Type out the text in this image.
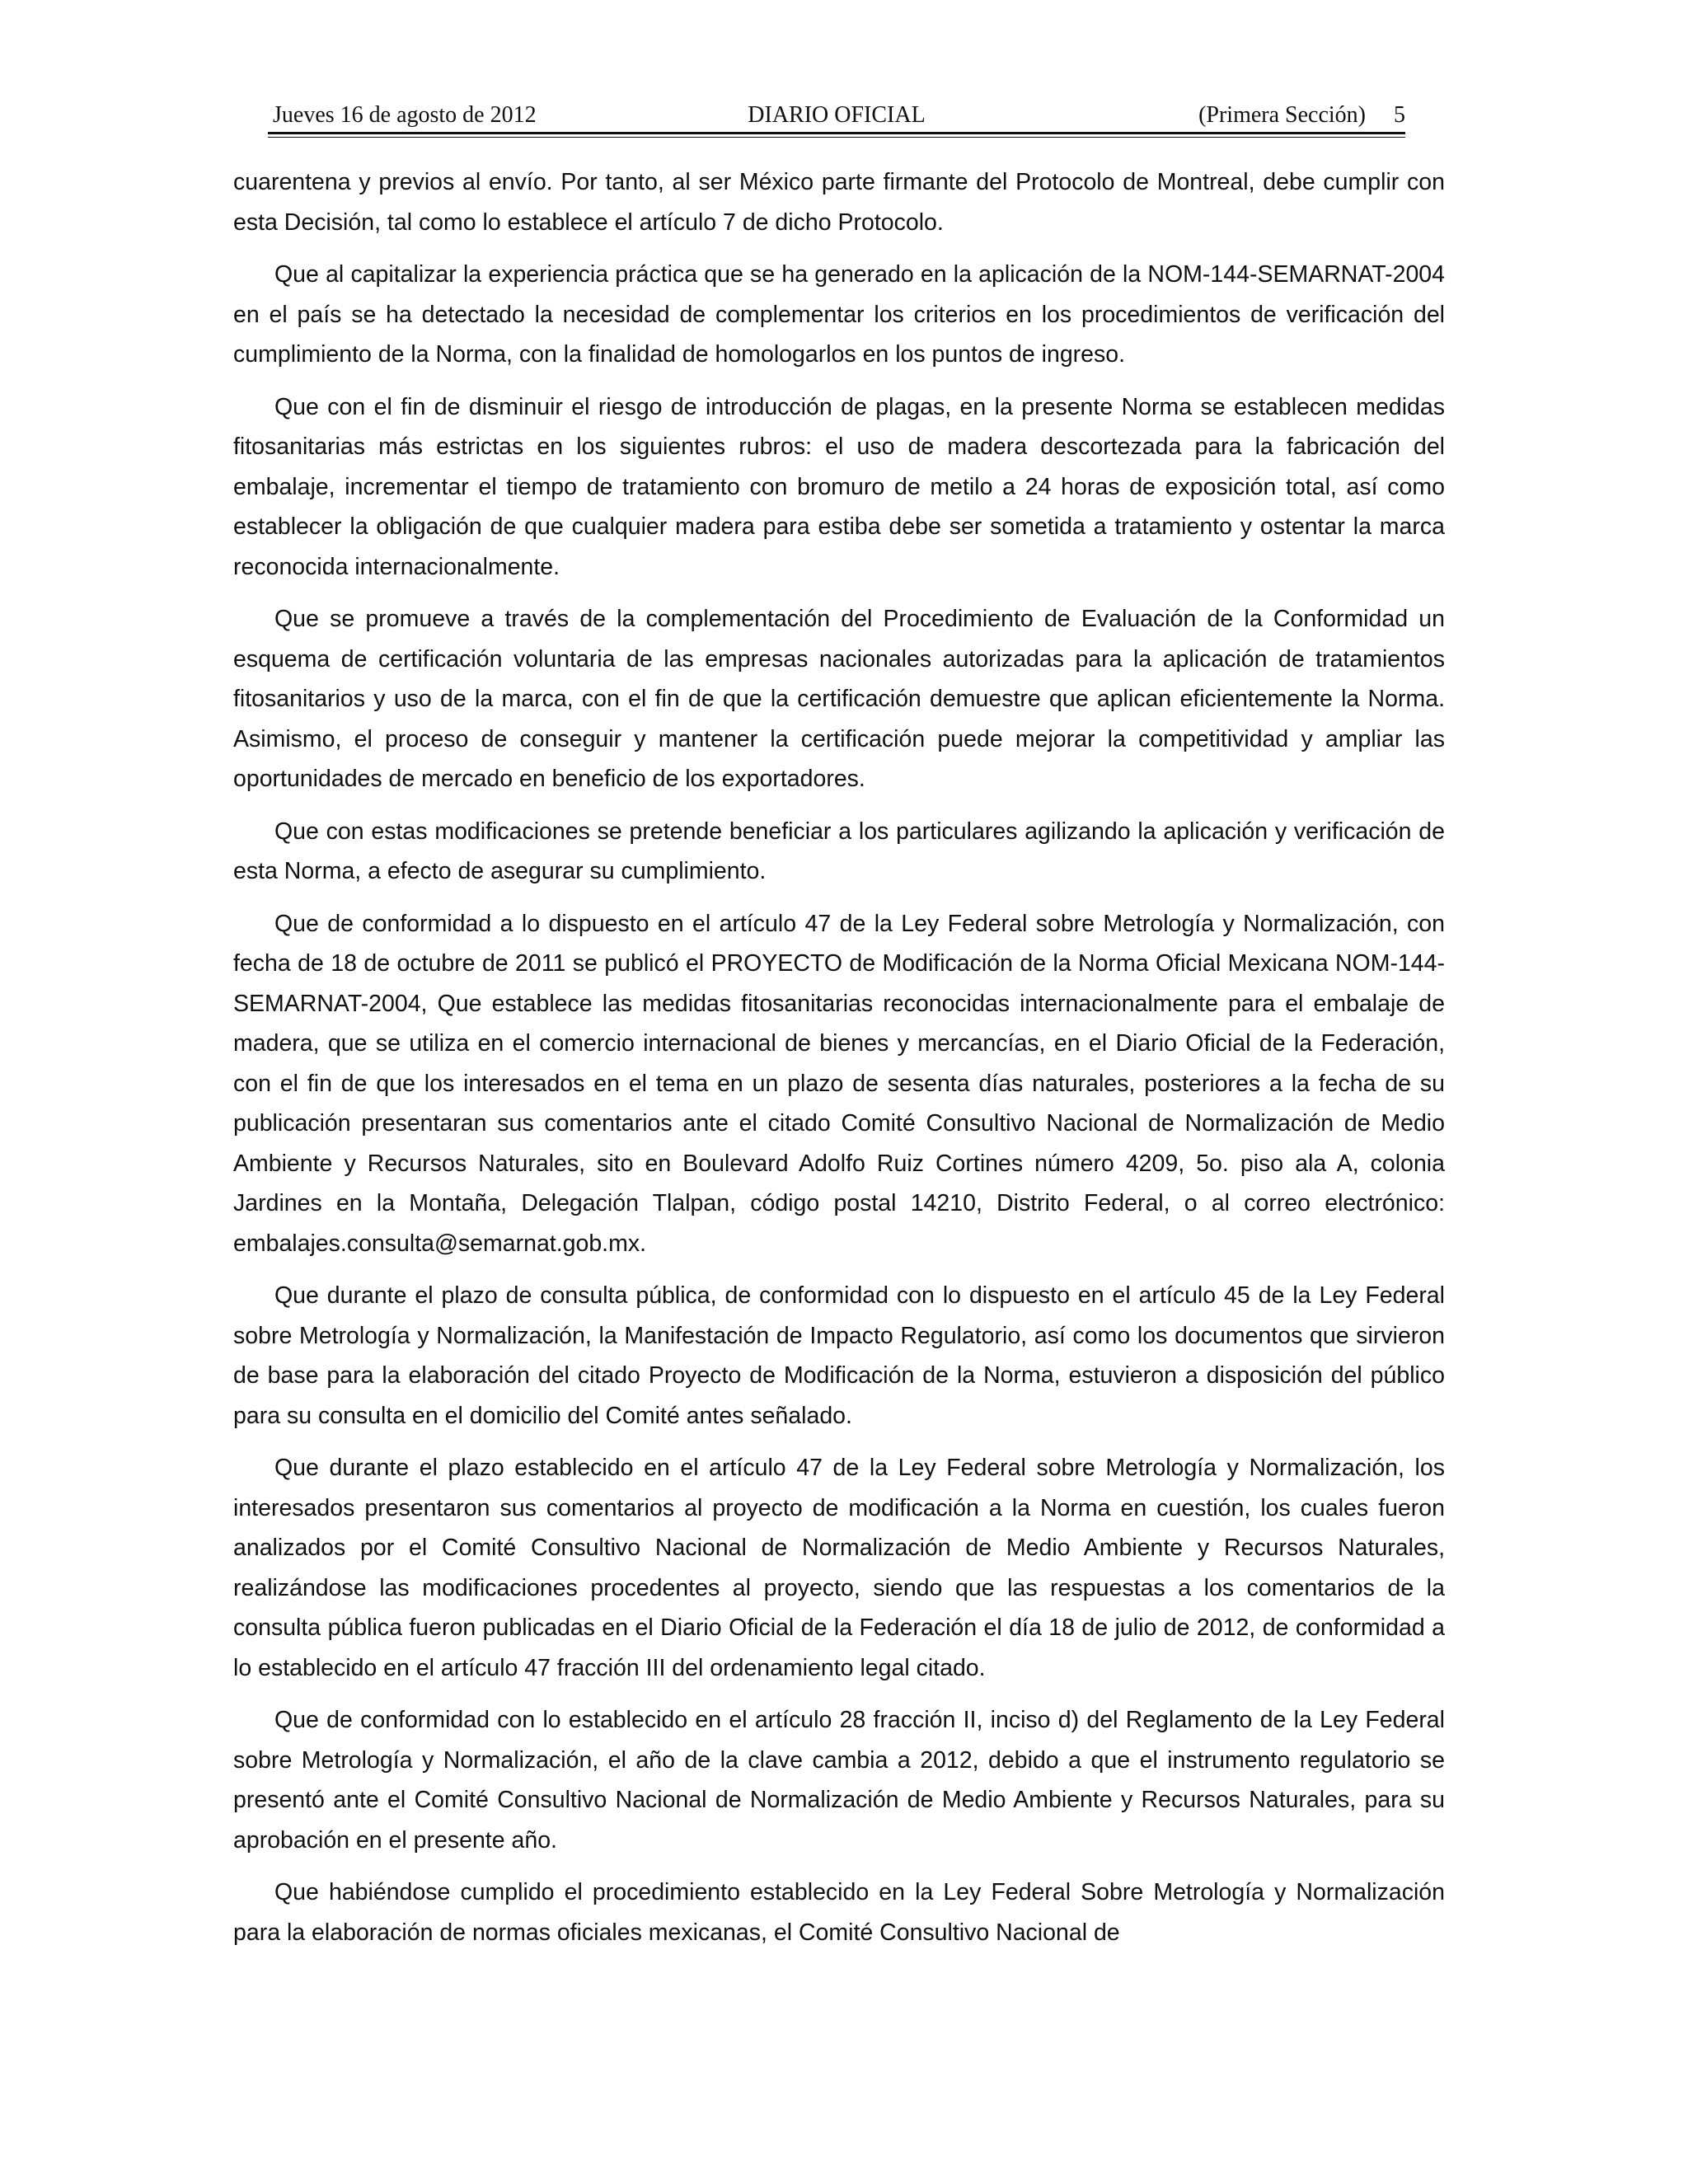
Jueves 16 de agosto de 2012	DIARIO OFICIAL	(Primera Sección) 5

cuarentena y previos al envío. Por tanto, al ser México parte firmante del Protocolo de Montreal, debe cumplir con esta Decisión, tal como lo establece el artículo 7 de dicho Protocolo.

Que al capitalizar la experiencia práctica que se ha generado en la aplicación de la NOM-144-SEMARNAT-2004 en el país se ha detectado la necesidad de complementar los criterios en los procedimientos de verificación del cumplimiento de la Norma, con la finalidad de homologarlos en los puntos de ingreso.

Que con el fin de disminuir el riesgo de introducción de plagas, en la presente Norma se establecen medidas fitosanitarias más estrictas en los siguientes rubros: el uso de madera descortezada para la fabricación del embalaje, incrementar el tiempo de tratamiento con bromuro de metilo a 24 horas de exposición total, así como establecer la obligación de que cualquier madera para estiba debe ser sometida a tratamiento y ostentar la marca reconocida internacionalmente.

Que se promueve a través de la complementación del Procedimiento de Evaluación de la Conformidad un esquema de certificación voluntaria de las empresas nacionales autorizadas para la aplicación de tratamientos fitosanitarios y uso de la marca, con el fin de que la certificación demuestre que aplican eficientemente la Norma. Asimismo, el proceso de conseguir y mantener la certificación puede mejorar la competitividad y ampliar las oportunidades de mercado en beneficio de los exportadores.

Que con estas modificaciones se pretende beneficiar a los particulares agilizando la aplicación y verificación de esta Norma, a efecto de asegurar su cumplimiento.

Que de conformidad a lo dispuesto en el artículo 47 de la Ley Federal sobre Metrología y Normalización, con fecha de 18 de octubre de 2011 se publicó el PROYECTO de Modificación de la Norma Oficial Mexicana NOM-144-SEMARNAT-2004, Que establece las medidas fitosanitarias reconocidas internacionalmente para el embalaje de madera, que se utiliza en el comercio internacional de bienes y mercancías, en el Diario Oficial de la Federación, con el fin de que los interesados en el tema en un plazo de sesenta días naturales, posteriores a la fecha de su publicación presentaran sus comentarios ante el citado Comité Consultivo Nacional de Normalización de Medio Ambiente y Recursos Naturales, sito en Boulevard Adolfo Ruiz Cortines número 4209, 5o. piso ala A, colonia Jardines en la Montaña, Delegación Tlalpan, código postal 14210, Distrito Federal, o al correo electrónico: embalajes.consulta@semarnat.gob.mx.

Que durante el plazo de consulta pública, de conformidad con lo dispuesto en el artículo 45 de la Ley Federal sobre Metrología y Normalización, la Manifestación de Impacto Regulatorio, así como los documentos que sirvieron de base para la elaboración del citado Proyecto de Modificación de la Norma, estuvieron a disposición del público para su consulta en el domicilio del Comité antes señalado.

Que durante el plazo establecido en el artículo 47 de la Ley Federal sobre Metrología y Normalización, los interesados presentaron sus comentarios al proyecto de modificación a la Norma en cuestión, los cuales fueron analizados por el Comité Consultivo Nacional de Normalización de Medio Ambiente y Recursos Naturales, realizándose las modificaciones procedentes al proyecto, siendo que las respuestas a los comentarios de la consulta pública fueron publicadas en el Diario Oficial de la Federación el día 18 de julio de 2012, de conformidad a lo establecido en el artículo 47 fracción III del ordenamiento legal citado.

Que de conformidad con lo establecido en el artículo 28 fracción II, inciso d) del Reglamento de la Ley Federal sobre Metrología y Normalización, el año de la clave cambia a 2012, debido a que el instrumento regulatorio se presentó ante el Comité Consultivo Nacional de Normalización de Medio Ambiente y Recursos Naturales, para su aprobación en el presente año.

Que habiéndose cumplido el procedimiento establecido en la Ley Federal Sobre Metrología y Normalización para la elaboración de normas oficiales mexicanas, el Comité Consultivo Nacional de
